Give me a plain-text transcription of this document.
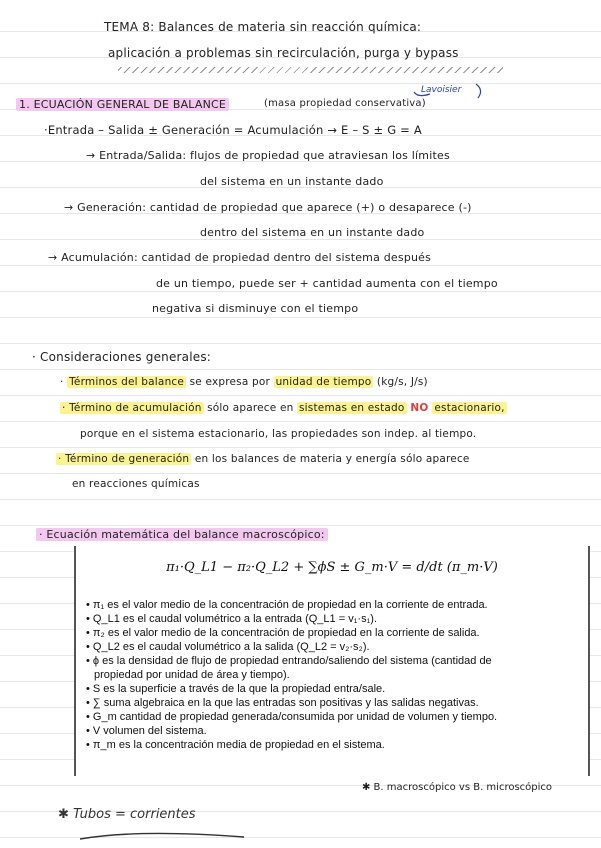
TEMA 8: Balances de materia sin reacción química:
aplicación a problemas sin recirculación, purga y bypass
Lavoisier
1. ECUACIÓN GENERAL DE BALANCE	(masa propiedad conservativa)
·Entrada – Salida ± Generación = Acumulación → E – S ± G = A
→ Entrada/Salida: flujos de propiedad que atraviesan los límites
del sistema en un instante dado
→ Generación: cantidad de propiedad que aparece (+) o desaparece (-)
dentro del sistema en un instante dado
→ Acumulación: cantidad de propiedad dentro del sistema después
de un tiempo, puede ser + cantidad aumenta con el tiempo
negativa si disminuye con el tiempo
· Consideraciones generales:
· Términos del balance se expresa por unidad de tiempo (kg/s, J/s)
· Término de acumulación sólo aparece en sistemas en estado NO estacionario,
porque en el sistema estacionario, las propiedades son indep. al tiempo.
· Término de generación en los balances de materia y energía sólo aparece
en reacciones químicas
· Ecuación matemática del balance macroscópico:
π₁·Q_L1 − π₂·Q_L2 + ∑ϕS ± G_m·V = d/dt (π_m·V)
• π₁ es el valor medio de la concentración de propiedad en la corriente de entrada.
• Q_L1 es el caudal volumétrico a la entrada (Q_L1 = v₁·s₁).
• π₂ es el valor medio de la concentración de propiedad en la corriente de salida.
• Q_L2 es el caudal volumétrico a la salida (Q_L2 = v₂·s₂).
• ϕ es la densidad de flujo de propiedad entrando/saliendo del sistema (cantidad de
propiedad por unidad de área y tiempo).
• S es la superficie a través de la que la propiedad entra/sale.
• ∑ suma algebraica en la que las entradas son positivas y las salidas negativas.
• G_m cantidad de propiedad generada/consumida por unidad de volumen y tiempo.
• V volumen del sistema.
• π_m es la concentración media de propiedad en el sistema.
✱ B. macroscópico vs B. microscópico
✱ Tubos = corrientes
